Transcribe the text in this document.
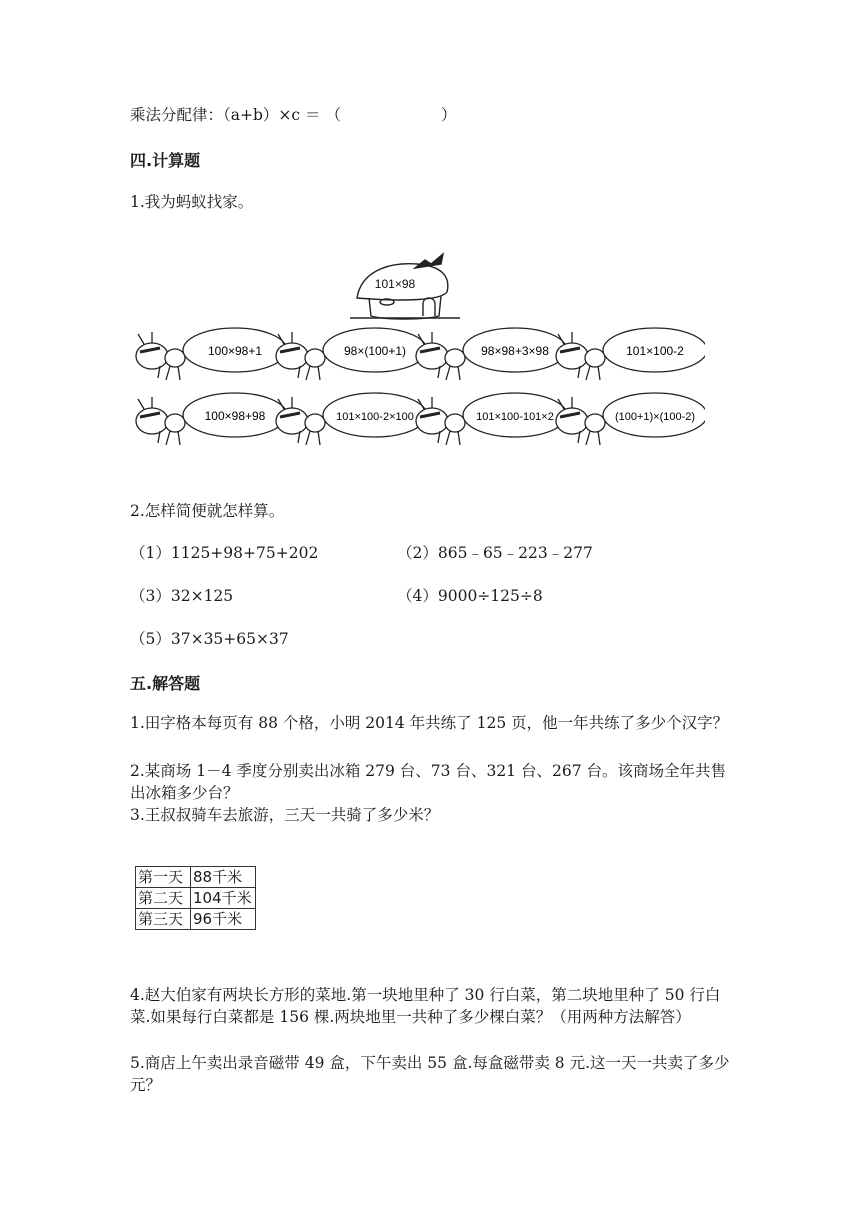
乘法分配律：（a+b）×c ＝ （	）
四.计算题
1.我为蚂蚁找家。
101×98
100×98+1	98×(100+1)	98×98+3×98	101×100-2
100×98+98	101×100-2×100	101×100-101×2	(100+1)×(100-2)
2.怎样简便就怎样算。
（1）1125+98+75+202	（2）865﹣65﹣223﹣277
（3）32×125	（4）9000÷125÷8
（5）37×35+65×37
五.解答题
1.田字格本每页有 88 个格，小明 2014 年共练了 125 页，他一年共练了多少个汉字？
2.某商场 1－4 季度分别卖出冰箱 279 台、73 台、321 台、267 台。该商场全年共售出冰箱多少台？
3.王叔叔骑车去旅游，三天一共骑了多少米？
第一天	88千米
第二天	104千米
第三天	96千米
4.赵大伯家有两块长方形的菜地.第一块地里种了 30 行白菜，第二块地里种了 50 行白菜.如果每行白菜都是 156 棵.两块地里一共种了多少棵白菜？（用两种方法解答）
5.商店上午卖出录音磁带 49 盒，下午卖出 55 盒.每盒磁带卖 8 元.这一天一共卖了多少元？
